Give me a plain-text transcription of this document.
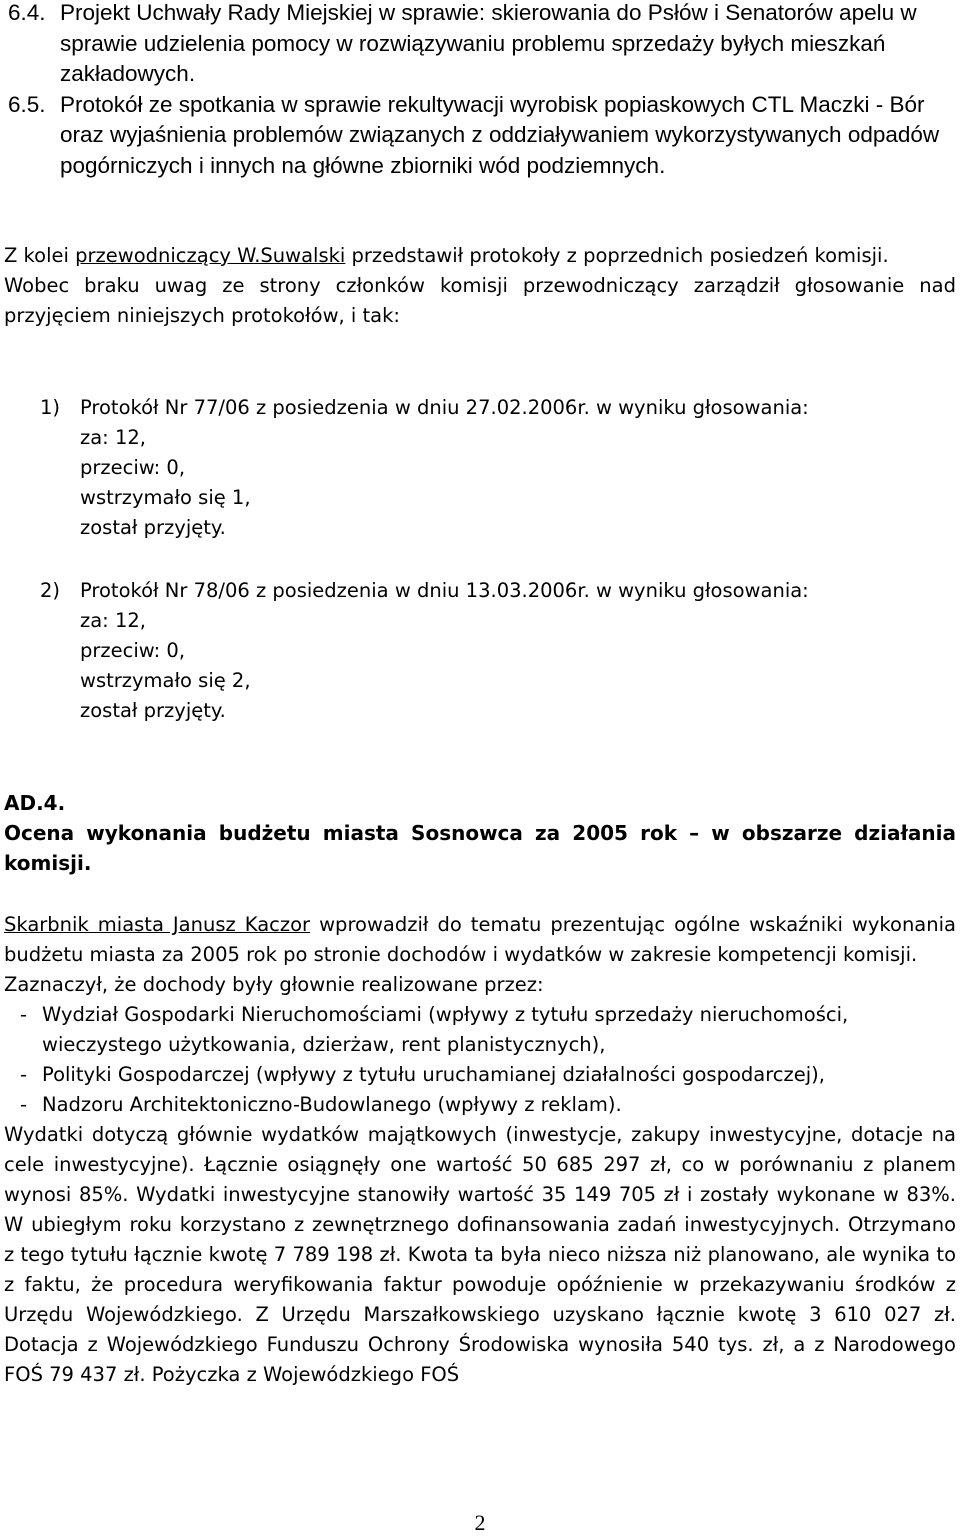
6.4. Projekt Uchwały Rady Miejskiej w sprawie: skierowania do Psłów i Senatorów apelu w sprawie udzielenia pomocy w rozwiązywaniu problemu sprzedaży byłych mieszkań zakładowych.
6.5. Protokół ze spotkania w sprawie rekultywacji wyrobisk popiaskowych CTL Maczki - Bór oraz wyjaśnienia problemów związanych z oddziaływaniem wykorzystywanych odpadów pogórniczych i innych na główne zbiorniki wód podziemnych.
Z kolei przewodniczący W.Suwalski przedstawił protokoły z poprzednich posiedzeń komisji.
Wobec braku uwag ze strony członków komisji przewodniczący zarządził głosowanie nad przyjęciem niniejszych protokołów, i tak:
1) Protokół Nr 77/06 z posiedzenia w dniu 27.02.2006r. w wyniku głosowania:
za: 12,
przeciw: 0,
wstrzymało się 1,
został przyjęty.
2) Protokół Nr 78/06 z posiedzenia w dniu 13.03.2006r. w wyniku głosowania:
za: 12,
przeciw: 0,
wstrzymało się 2,
został przyjęty.
AD.4.
Ocena wykonania budżetu miasta Sosnowca za 2005 rok – w obszarze działania komisji.
Skarbnik miasta Janusz Kaczor wprowadził do tematu prezentując ogólne wskaźniki wykonania budżetu miasta za 2005 rok po stronie dochodów i wydatków w zakresie kompetencji komisji.
Zaznaczył, że dochody były głownie realizowane przez:
- Wydział Gospodarki Nieruchomościami (wpływy z tytułu sprzedaży nieruchomości, wieczystego użytkowania, dzierżaw, rent planistycznych),
- Polityki Gospodarczej (wpływy z tytułu uruchamianej działalności gospodarczej),
- Nadzoru Architektoniczno-Budowlanego (wpływy z reklam).
Wydatki dotyczą głównie wydatków majątkowych (inwestycje, zakupy inwestycyjne, dotacje na cele inwestycyjne). Łącznie osiągnęły one wartość 50 685 297 zł, co w porównaniu z planem wynosi 85%. Wydatki inwestycyjne stanowiły wartość 35 149 705 zł i zostały wykonane w 83%. W ubiegłym roku korzystano z zewnętrznego dofinansowania zadań inwestycyjnych. Otrzymano z tego tytułu łącznie kwotę 7 789 198 zł. Kwota ta była nieco niższa niż planowano, ale wynika to z faktu, że procedura weryfikowania faktur powoduje opóźnienie w przekazywaniu środków z Urzędu Wojewódzkiego. Z Urzędu Marszałkowskiego uzyskano łącznie kwotę 3 610 027 zł. Dotacja z Wojewódzkiego Funduszu Ochrony Środowiska wynosiła 540 tys. zł, a z Narodowego FOŚ 79 437 zł. Pożyczka z Wojewódzkiego FOŚ
2
